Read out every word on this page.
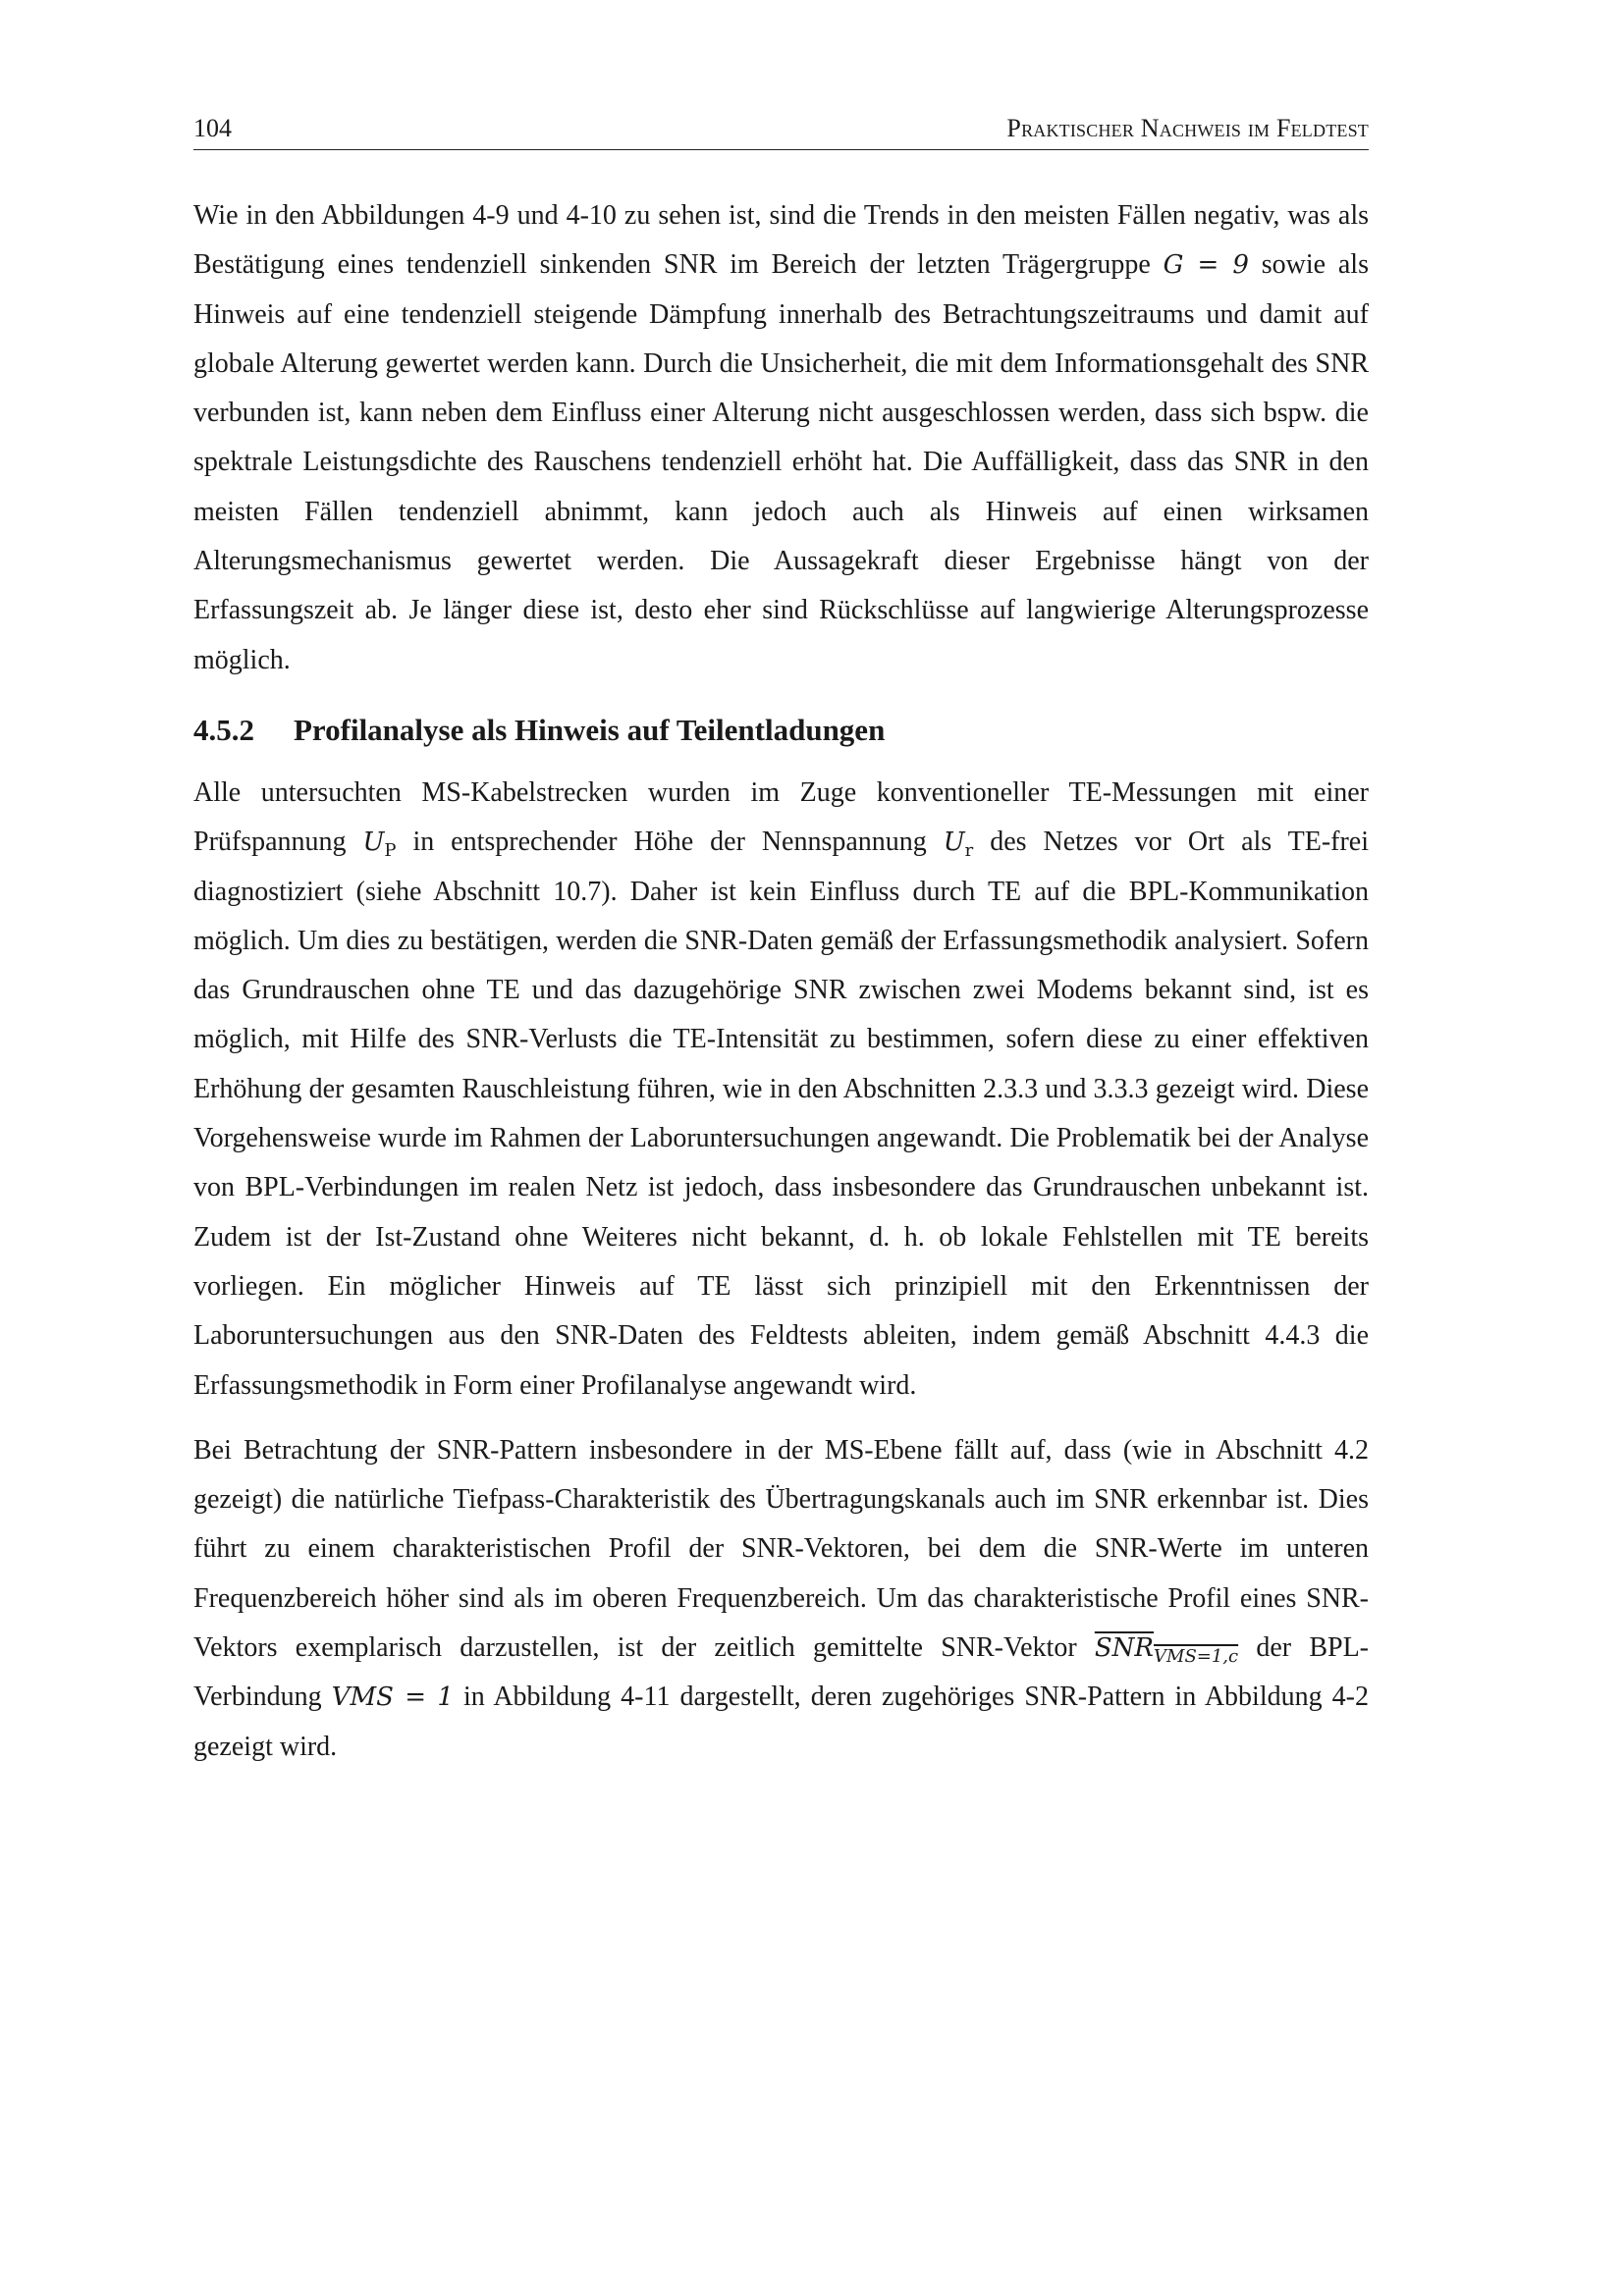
104	Praktischer Nachweis im Feldtest

Wie in den Abbildungen 4-9 und 4-10 zu sehen ist, sind die Trends in den meisten Fällen negativ, was als Bestätigung eines tendenziell sinkenden SNR im Bereich der letzten Trägergruppe G = 9 sowie als Hinweis auf eine tendenziell steigende Dämpfung innerhalb des Betrachtungszeitraums und damit auf globale Alterung gewertet werden kann. Durch die Unsicherheit, die mit dem Informationsgehalt des SNR verbunden ist, kann neben dem Einfluss einer Alterung nicht ausgeschlossen werden, dass sich bspw. die spektrale Leistungsdichte des Rauschens tendenziell erhöht hat. Die Auffälligkeit, dass das SNR in den meisten Fällen tendenziell abnimmt, kann jedoch auch als Hinweis auf einen wirksamen Alterungsmechanismus gewertet werden. Die Aussagekraft dieser Ergebnisse hängt von der Erfassungszeit ab. Je länger diese ist, desto eher sind Rückschlüsse auf langwierige Alterungsprozesse möglich.

4.5.2	Profilanalyse als Hinweis auf Teilentladungen

Alle untersuchten MS-Kabelstrecken wurden im Zuge konventioneller TE-Messungen mit einer Prüfspannung $U_P$ in entsprechender Höhe der Nennspannung $U_r$ des Netzes vor Ort als TE-frei diagnostiziert (siehe Abschnitt 10.7). Daher ist kein Einfluss durch TE auf die BPL-Kommunikation möglich. Um dies zu bestätigen, werden die SNR-Daten gemäß der Erfassungsmethodik analysiert. Sofern das Grundrauschen ohne TE und das dazugehörige SNR zwischen zwei Modems bekannt sind, ist es möglich, mit Hilfe des SNR-Verlusts die TE-Intensität zu bestimmen, sofern diese zu einer effektiven Erhöhung der gesamten Rauschleistung führen, wie in den Abschnitten 2.3.3 und 3.3.3 gezeigt wird. Diese Vorgehensweise wurde im Rahmen der Laboruntersuchungen angewandt. Die Problematik bei der Analyse von BPL-Verbindungen im realen Netz ist jedoch, dass insbesondere das Grundrauschen unbekannt ist. Zudem ist der Ist-Zustand ohne Weiteres nicht bekannt, d. h. ob lokale Fehlstellen mit TE bereits vorliegen. Ein möglicher Hinweis auf TE lässt sich prinzipiell mit den Erkenntnissen der Laboruntersuchungen aus den SNR-Daten des Feldtests ableiten, indem gemäß Abschnitt 4.4.3 die Erfassungsmethodik in Form einer Profilanalyse angewandt wird.

Bei Betrachtung der SNR-Pattern insbesondere in der MS-Ebene fällt auf, dass (wie in Abschnitt 4.2 gezeigt) die natürliche Tiefpass-Charakteristik des Übertragungskanals auch im SNR erkennbar ist. Dies führt zu einem charakteristischen Profil der SNR-Vektoren, bei dem die SNR-Werte im unteren Frequenzbereich höher sind als im oberen Frequenzbereich. Um das charakteristische Profil eines SNR-Vektors exemplarisch darzustellen, ist der zeitlich gemittelte SNR-Vektor $SNR_{VMS=1,c}$ der BPL-Verbindung VMS = 1 in Abbildung 4-11 dargestellt, deren zugehöriges SNR-Pattern in Abbildung 4-2 gezeigt wird.
